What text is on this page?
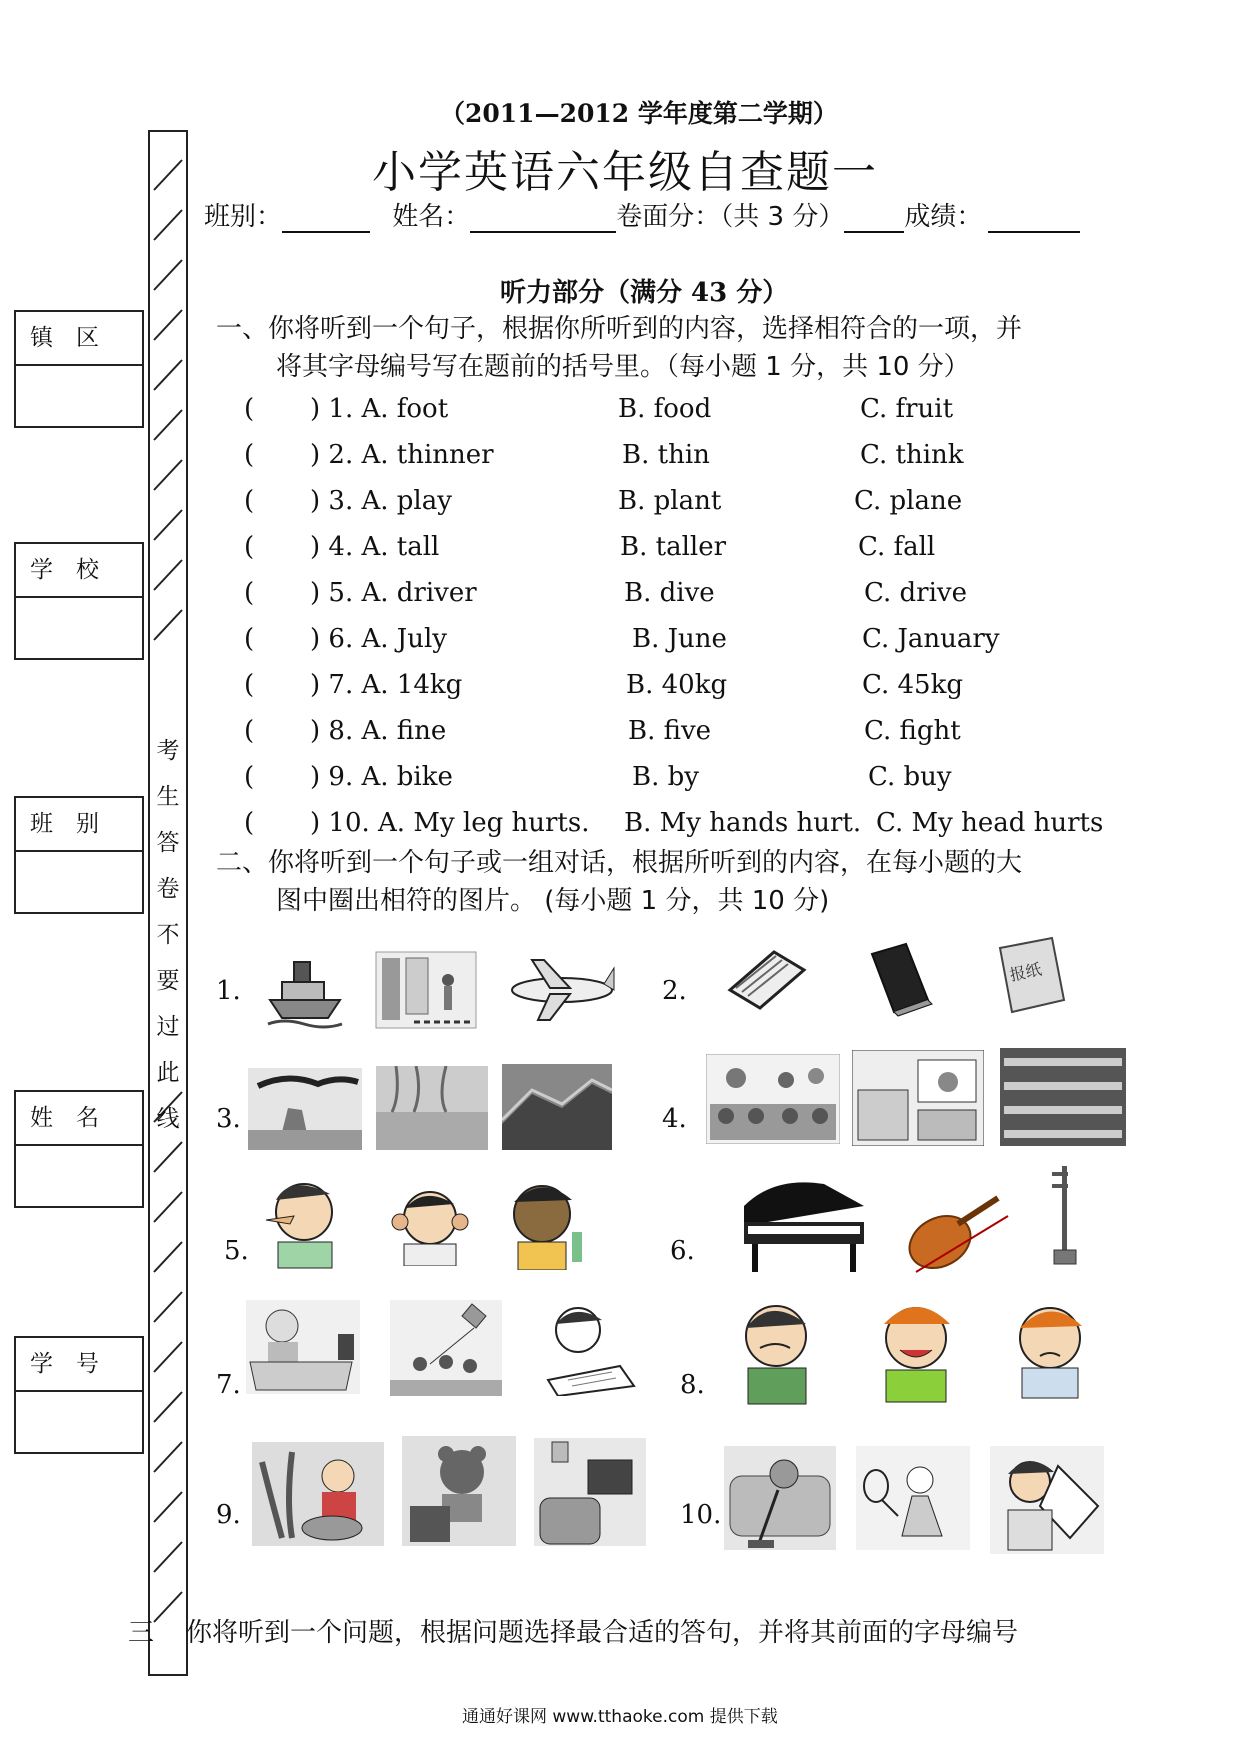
考
生
答
卷
不
要
过
此
线
镇　区
学　校
班　别
姓　名
学　号
（2011—2012 学年度第二学期）
小学英语六年级自查题一
班别：	姓名：	卷面分：（共 3 分） 成绩：
听力部分（满分 43 分）
一、你将听到一个句子，根据你所听到的内容，选择相符合的一项，并
将其字母编号写在题前的括号里。（每小题 1 分，共 10 分）
( ) 1. A. foot	B. food	C. fruit
( ) 2. A. thinner	B. thin	C. think
( ) 3. A. play	B. plant	C. plane
( ) 4. A. tall	B. taller	C. fall
( ) 5. A. driver	B. dive	C. drive
( ) 6. A. July	B. June	C. January
( ) 7. A. 14kg	B. 40kg	C. 45kg
( ) 8. A. fine	B. five	C. fight
( ) 9. A. bike	B. by	C. buy
( ) 10. A. My leg hurts. B. My hands hurt. C. My head hurts
二、你将听到一个句子或一组对话，根据所听到的内容，在每小题的大
图中圈出相符的图片。 (每小题 1 分，共 10 分)
1.	2.
3.	4.
5.	6.
7.	8.
9.	10.
报纸
三 你将听到一个问题，根据问题选择最合适的答句，并将其前面的字母编号
通通好课网 www.tthaoke.com 提供下载
